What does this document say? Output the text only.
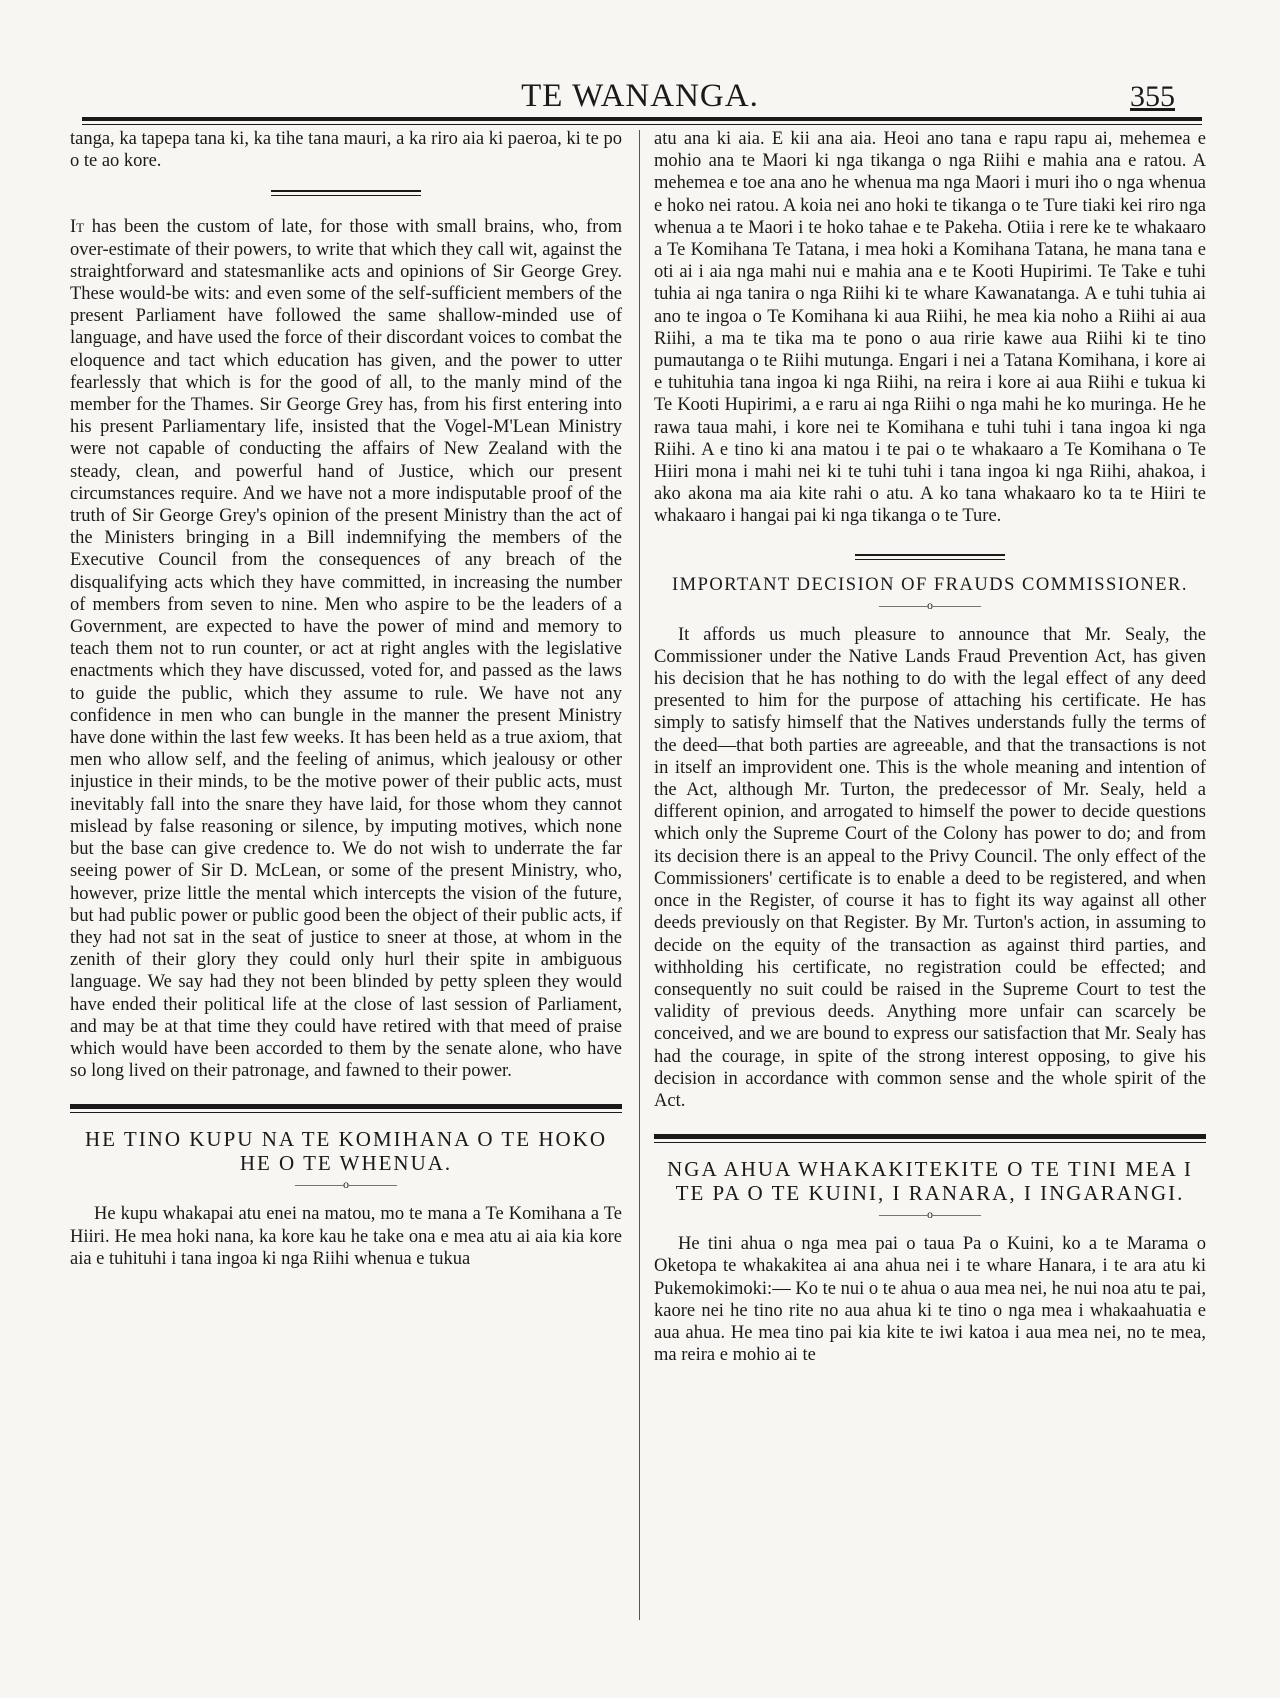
TE WANANGA.	355

tanga, ka tapepa tana ki, ka tihe tana mauri, a ka riro aia ki paeroa, ki te po o te ao kore.

It has been the custom of late, for those with small brains, who, from over-estimate of their powers, to write that which they call wit, against the straightforward and statesmanlike acts and opinions of Sir George Grey. These would-be wits: and even some of the self-sufficient members of the present Parliament have followed the same shallow-minded use of language, and have used the force of their discordant voices to combat the eloquence and tact which education has given, and the power to utter fearlessly that which is for the good of all, to the manly mind of the member for the Thames. Sir George Grey has, from his first entering into his present Parliamentary life, insisted that the Vogel-M'Lean Ministry were not capable of conducting the affairs of New Zealand with the steady, clean, and powerful hand of Justice, which our present circumstances require. And we have not a more indisputable proof of the truth of Sir George Grey's opinion of the present Ministry than the act of the Ministers bringing in a Bill indemnifying the members of the Executive Council from the consequences of any breach of the disqualifying acts which they have committed, in increasing the number of members from seven to nine. Men who aspire to be the leaders of a Government, are expected to have the power of mind and memory to teach them not to run counter, or act at right angles with the legislative enactments which they have discussed, voted for, and passed as the laws to guide the public, which they assume to rule. We have not any confidence in men who can bungle in the manner the present Ministry have done within the last few weeks. It has been held as a true axiom, that men who allow self, and the feeling of animus, which jealousy or other injustice in their minds, to be the motive power of their public acts, must inevitably fall into the snare they have laid, for those whom they cannot mislead by false reasoning or silence, by imputing motives, which none but the base can give credence to. We do not wish to underrate the far seeing power of Sir D. McLean, or some of the present Ministry, who, however, prize little the mental which intercepts the vision of the future, but had public power or public good been the object of their public acts, if they had not sat in the seat of justice to sneer at those, at whom in the zenith of their glory they could only hurl their spite in ambiguous language. We say had they not been blinded by petty spleen they would have ended their political life at the close of last session of Parliament, and may be at that time they could have retired with that meed of praise which would have been accorded to them by the senate alone, who have so long lived on their patronage, and fawned to their power.

HE TINO KUPU NA TE KOMIHANA O TE HOKO HE O TE WHENUA.
————o————

He kupu whakapai atu enei na matou, mo te mana a Te Komihana a Te Hiiri. He mea hoki nana, ka kore kau he take ona e mea atu ai aia kia kore aia e tuhituhi i tana ingoa ki nga Riihi whenua e tukua

atu ana ki aia. E kii ana aia. Heoi ano tana e rapu rapu ai, mehemea e mohio ana te Maori ki nga tikanga o nga Riihi e mahia ana e ratou. A mehemea e toe ana ano he whenua ma nga Maori i muri iho o nga whenua e hoko nei ratou. A koia nei ano hoki te tikanga o te Ture tiaki kei riro nga whenua a te Maori i te hoko tahae e te Pakeha. Otiia i rere ke te whakaaro a Te Komihana Te Tatana, i mea hoki a Komihana Tatana, he mana tana e oti ai i aia nga mahi nui e mahia ana e te Kooti Hupirimi. Te Take e tuhi tuhia ai nga tanira o nga Riihi ki te whare Kawanatanga. A e tuhi tuhia ai ano te ingoa o Te Komihana ki aua Riihi, he mea kia noho a Riihi ai aua Riihi, a ma te tika ma te pono o aua ririe kawe aua Riihi ki te tino pumautanga o te Riihi mutunga. Engari i nei a Tatana Komihana, i kore ai e tuhituhia tana ingoa ki nga Riihi, na reira i kore ai aua Riihi e tukua ki Te Kooti Hupirimi, a e raru ai nga Riihi o nga mahi he ko muringa. He he rawa taua mahi, i kore nei te Komihana e tuhi tuhi i tana ingoa ki nga Riihi. A e tino ki ana matou i te pai o te whakaaro a Te Komihana o Te Hiiri mona i mahi nei ki te tuhi tuhi i tana ingoa ki nga Riihi, ahakoa, i ako akona ma aia kite rahi o atu. A ko tana whakaaro ko ta te Hiiri te whakaaro i hangai pai ki nga tikanga o te Ture.

IMPORTANT DECISION OF FRAUDS COMMISSIONER.
————o————

It affords us much pleasure to announce that Mr. Sealy, the Commissioner under the Native Lands Fraud Prevention Act, has given his decision that he has nothing to do with the legal effect of any deed presented to him for the purpose of attaching his certificate. He has simply to satisfy himself that the Natives understands fully the terms of the deed—that both parties are agreeable, and that the transactions is not in itself an improvident one. This is the whole meaning and intention of the Act, although Mr. Turton, the predecessor of Mr. Sealy, held a different opinion, and arrogated to himself the power to decide questions which only the Supreme Court of the Colony has power to do; and from its decision there is an appeal to the Privy Council. The only effect of the Commissioners' certificate is to enable a deed to be registered, and when once in the Register, of course it has to fight its way against all other deeds previously on that Register. By Mr. Turton's action, in assuming to decide on the equity of the transaction as against third parties, and withholding his certificate, no registration could be effected; and consequently no suit could be raised in the Supreme Court to test the validity of previous deeds. Anything more unfair can scarcely be conceived, and we are bound to express our satisfaction that Mr. Sealy has had the courage, in spite of the strong interest opposing, to give his decision in accordance with common sense and the whole spirit of the Act.

NGA AHUA WHAKAKITEKITE O TE TINI MEA I TE PA O TE KUINI, I RANARA, I INGARANGI.
————o————

He tini ahua o nga mea pai o taua Pa o Kuini, ko a te Marama o Oketopa te whakakitea ai ana ahua nei i te whare Hanara, i te ara atu ki Pukemokimoki:— Ko te nui o te ahua o aua mea nei, he nui noa atu te pai, kaore nei he tino rite no aua ahua ki te tino o nga mea i whakaahuatia e aua ahua. He mea tino pai kia kite te iwi katoa i aua mea nei, no te mea, ma reira e mohio ai te
